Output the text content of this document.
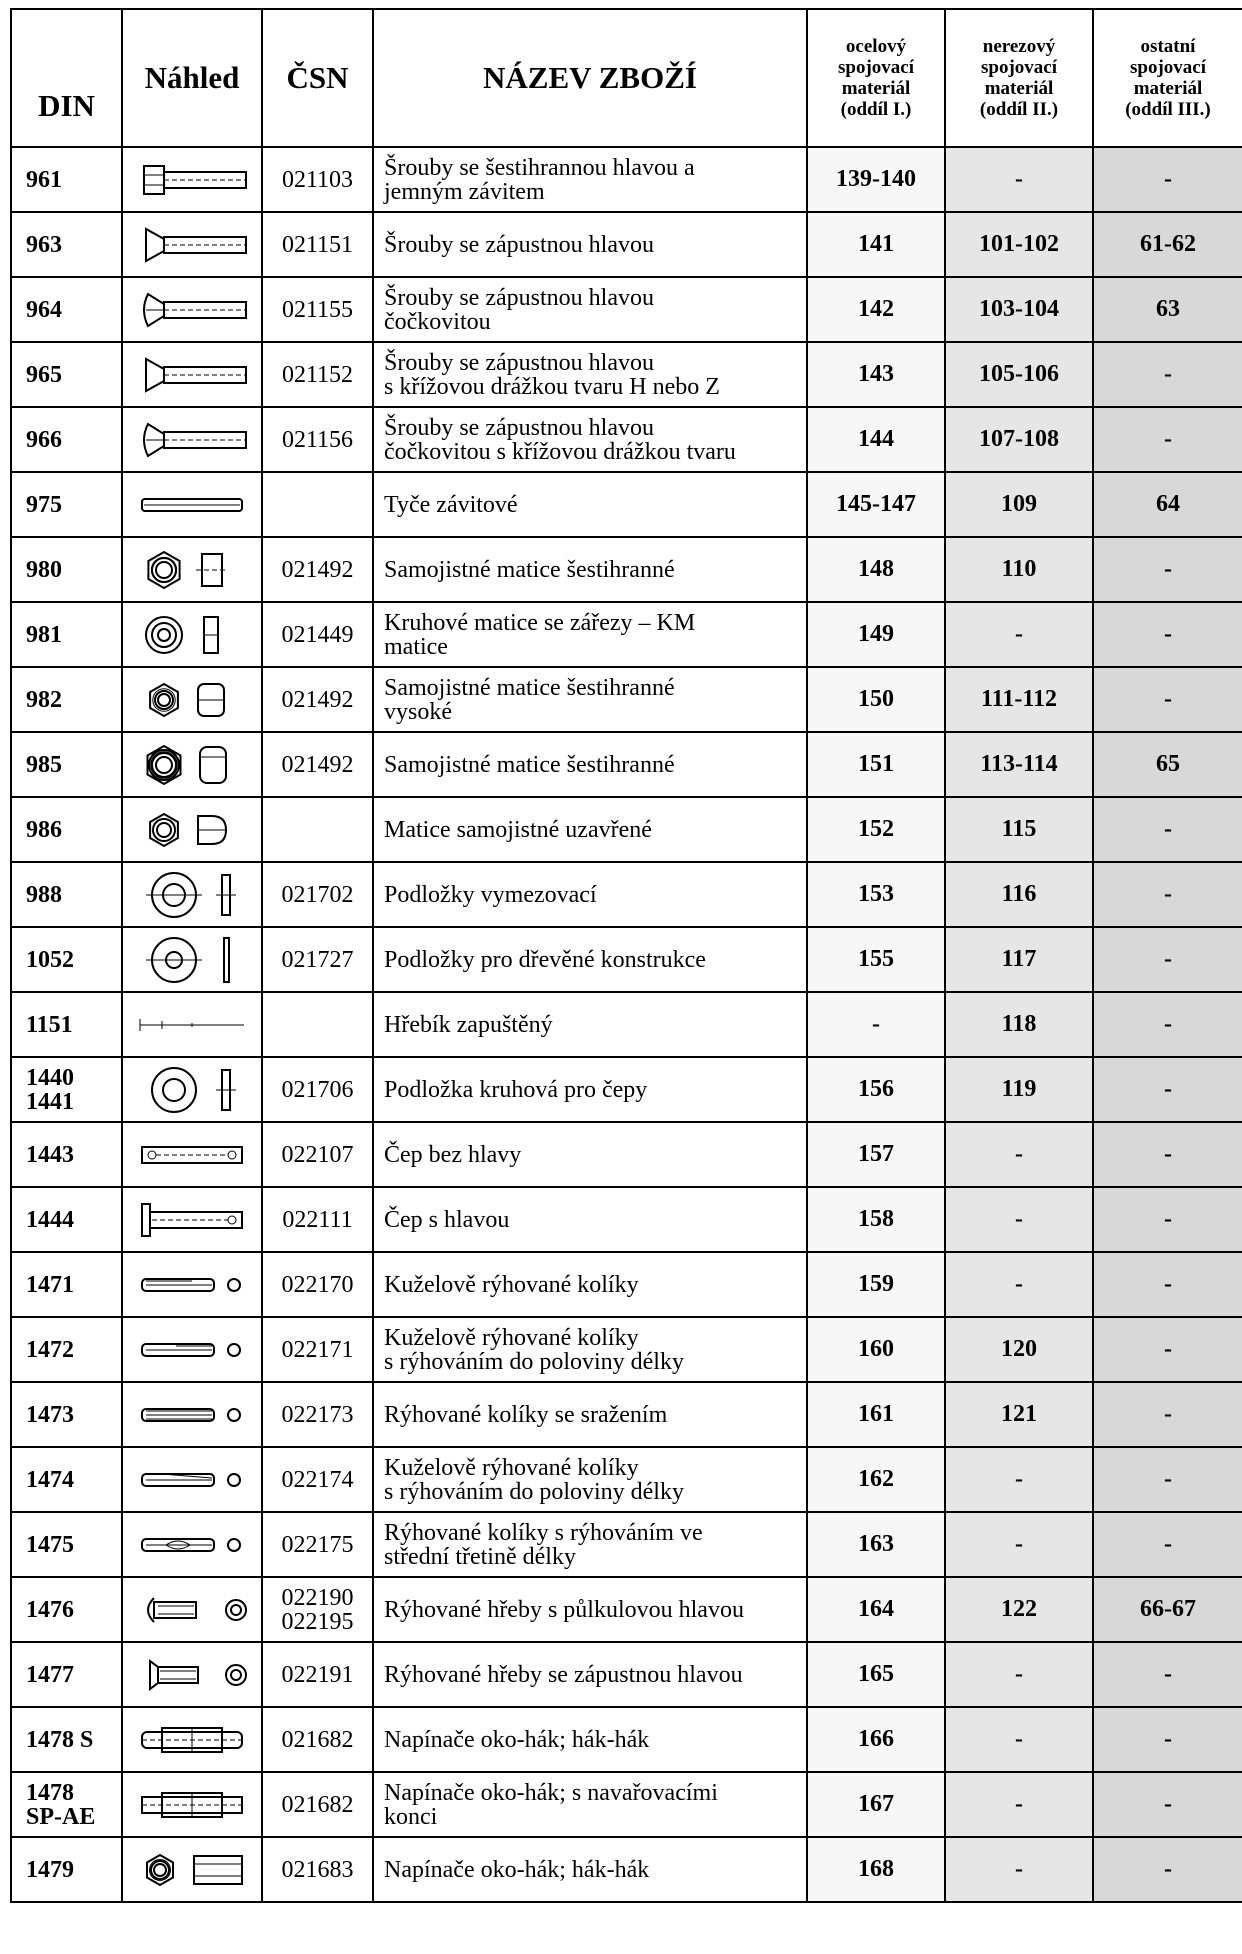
DIN	Náhled	ČSN	NÁZEV ZBOŽÍ	ocelový
spojovací
materiál
(oddíl I.)	nerezový
spojovací
materiál
(oddíl II.)	ostatní
spojovací
materiál
(oddíl III.)
961		021103	Šrouby se šestihrannou hlavou a
jemným závitem	139-140	-	-
963		021151	Šrouby se zápustnou hlavou	141	101-102	61-62
964		021155	Šrouby se zápustnou hlavou
čočkovitou	142	103-104	63
965		021152	Šrouby se zápustnou hlavou
s křížovou drážkou tvaru H nebo Z	143	105-106	-
966		021156	Šrouby se zápustnou hlavou
čočkovitou s křížovou drážkou tvaru	144	107-108	-
975			Tyče závitové	145-147	109	64
980		021492	Samojistné matice šestihranné	148	110	-
981		021449	Kruhové matice se zářezy – KM
matice	149	-	-
982		021492	Samojistné matice šestihranné
vysoké	150	111-112	-
985		021492	Samojistné matice šestihranné	151	113-114	65
986			Matice samojistné uzavřené	152	115	-
988		021702	Podložky vymezovací	153	116	-
1052		021727	Podložky pro dřevěné konstrukce	155	117	-
1151			Hřebík zapuštěný	-	118	-
1440
1441		021706	Podložka kruhová pro čepy	156	119	-
1443		022107	Čep bez hlavy	157	-	-
1444		022111	Čep s hlavou	158	-	-
1471		022170	Kuželově rýhované kolíky	159	-	-
1472		022171	Kuželově rýhované kolíky
s rýhováním do poloviny délky	160	120	-
1473		022173	Rýhované kolíky se sražením	161	121	-
1474		022174	Kuželově rýhované kolíky
s rýhováním do poloviny délky	162	-	-
1475		022175	Rýhované kolíky s rýhováním ve
střední třetině délky	163	-	-
1476		022190
022195	Rýhované hřeby s půlkulovou hlavou	164	122	66-67
1477		022191	Rýhované hřeby se zápustnou hlavou	165	-	-
1478 S		021682	Napínače oko-hák; hák-hák	166	-	-
1478
SP-AE		021682	Napínače oko-hák; s navařovacími
konci	167	-	-
1479		021683	Napínače oko-hák; hák-hák	168	-	-
